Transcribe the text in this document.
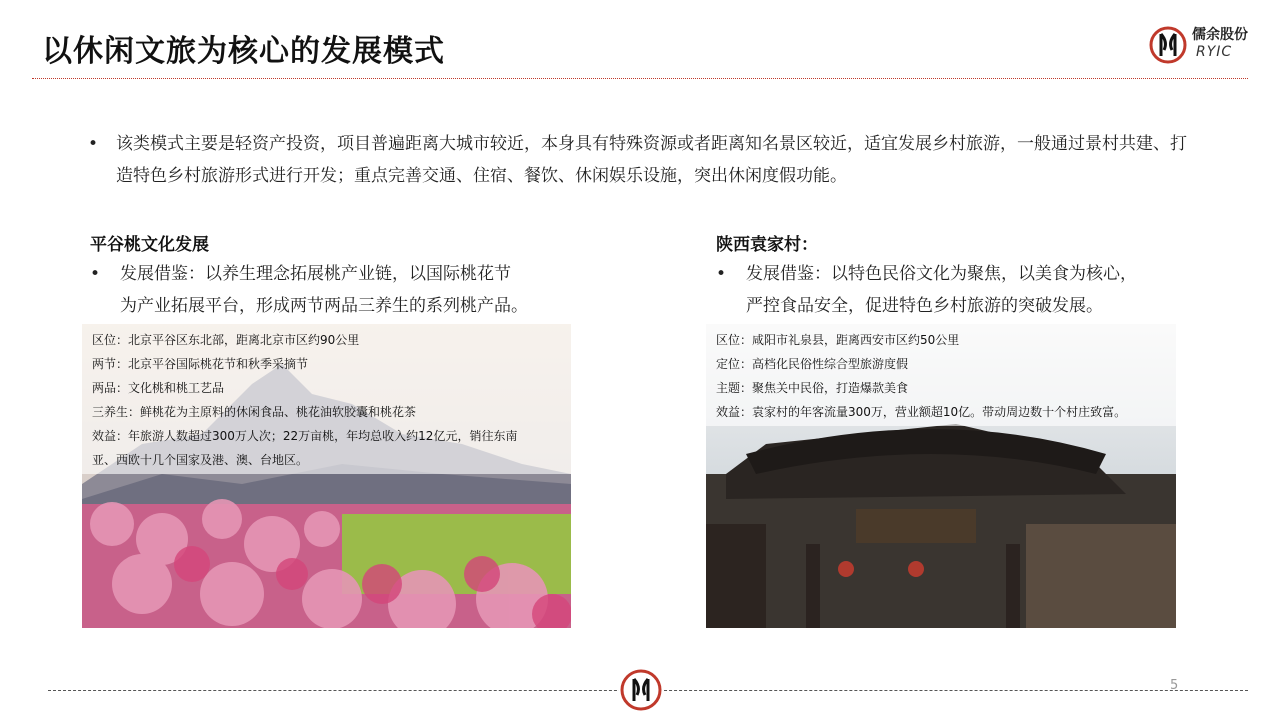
以休闲文旅为核心的发展模式	儒余股份
RYIC
• 该类模式主要是轻资产投资，项目普遍距离大城市较近，本身具有特殊资源或者距离知名景区较近，适宜发展乡村旅游，一般通过景村共建、打造特色乡村旅游形式进行开发；重点完善交通、住宿、餐饮、休闲娱乐设施，突出休闲度假功能。
平谷桃文化发展
• 发展借鉴：以养生理念拓展桃产业链，以国际桃花节
为产业拓展平台，形成两节两品三养生的系列桃产品。
区位：北京平谷区东北部，距离北京市区约90公里
两节：北京平谷国际桃花节和秋季采摘节
两品：文化桃和桃工艺品
三养生：鲜桃花为主原料的休闲食品、桃花油软胶囊和桃花茶
效益：年旅游人数超过300万人次；22万亩桃，年均总收入约12亿元，销往东南
亚、西欧十几个国家及港、澳、台地区。
陕西袁家村：
• 发展借鉴：以特色民俗文化为聚焦，以美食为核心，
严控食品安全，促进特色乡村旅游的突破发展。
区位：咸阳市礼泉县，距离西安市区约50公里
定位：高档化民俗性综合型旅游度假
主题：聚焦关中民俗，打造爆款美食
效益：袁家村的年客流量300万，营业额超10亿。带动周边数十个村庄致富。
5
